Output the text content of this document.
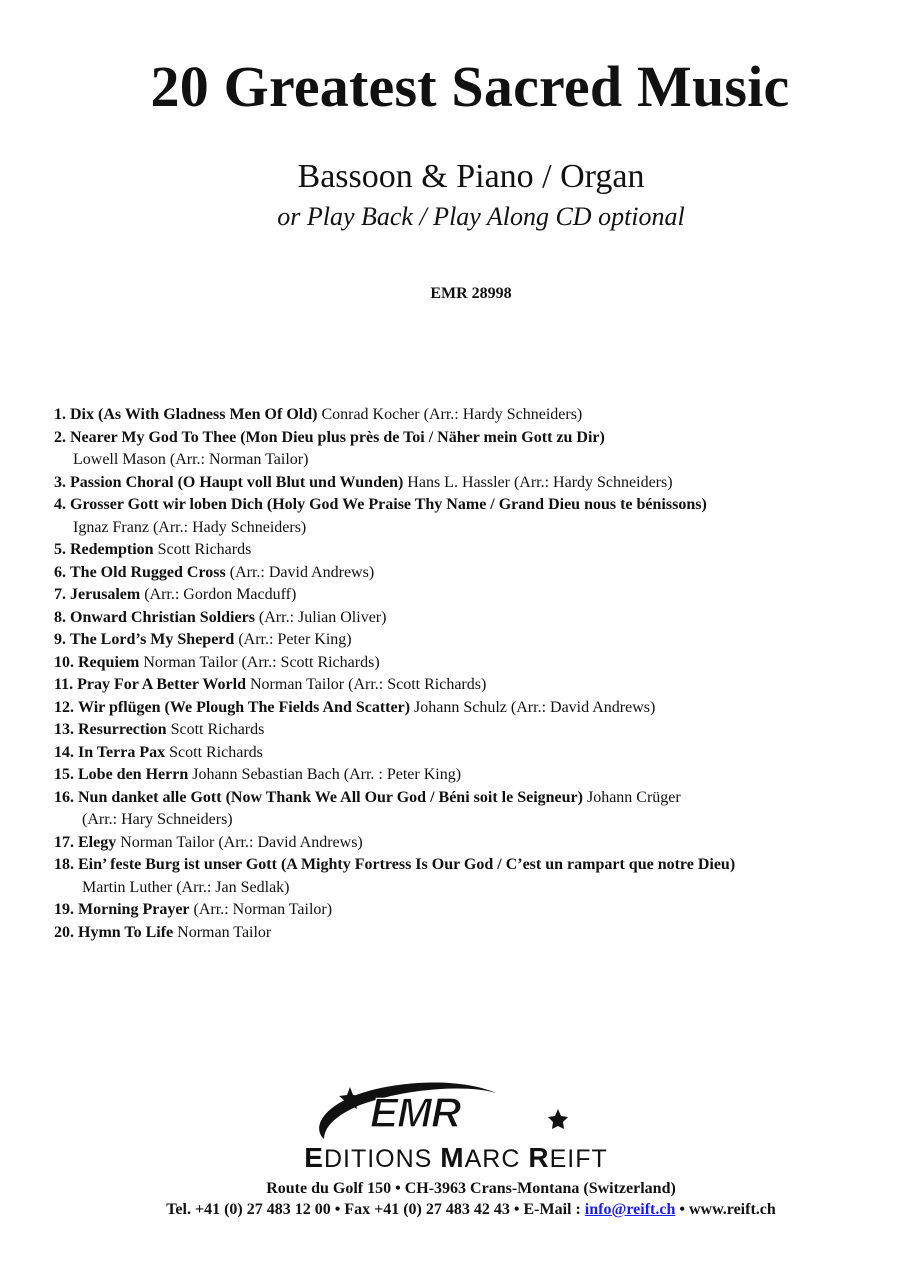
20 Greatest Sacred Music
Bassoon & Piano / Organ
or Play Back / Play Along CD optional
EMR 28998
1. Dix (As With Gladness Men Of Old) Conrad Kocher (Arr.: Hardy Schneiders)
2. Nearer My God To Thee (Mon Dieu plus près de Toi / Näher mein Gott zu Dir)
Lowell Mason (Arr.: Norman Tailor)
3. Passion Choral (O Haupt voll Blut und Wunden) Hans L. Hassler (Arr.: Hardy Schneiders)
4. Grosser Gott wir loben Dich (Holy God We Praise Thy Name / Grand Dieu nous te bénissons)
Ignaz Franz (Arr.: Hady Schneiders)
5. Redemption Scott Richards
6. The Old Rugged Cross (Arr.: David Andrews)
7. Jerusalem (Arr.: Gordon Macduff)
8. Onward Christian Soldiers (Arr.: Julian Oliver)
9. The Lord’s My Sheperd (Arr.: Peter King)
10. Requiem Norman Tailor (Arr.: Scott Richards)
11. Pray For A Better World Norman Tailor (Arr.: Scott Richards)
12. Wir pflügen (We Plough The Fields And Scatter) Johann Schulz (Arr.: David Andrews)
13. Resurrection Scott Richards
14. In Terra Pax Scott Richards
15. Lobe den Herrn Johann Sebastian Bach (Arr. : Peter King)
16. Nun danket alle Gott (Now Thank We All Our God / Béni soit le Seigneur) Johann Crüger
(Arr.: Hary Schneiders)
17. Elegy Norman Tailor (Arr.: David Andrews)
18. Ein’ feste Burg ist unser Gott (A Mighty Fortress Is Our God / C’est un rampart que notre Dieu)
Martin Luther (Arr.: Jan Sedlak)
19. Morning Prayer (Arr.: Norman Tailor)
20. Hymn To Life Norman Tailor
EMR
EDITIONS MARC REIFT
Route du Golf 150 • CH-3963 Crans-Montana (Switzerland)
Tel. +41 (0) 27 483 12 00 • Fax +41 (0) 27 483 42 43 • E-Mail : info@reift.ch • www.reift.ch
